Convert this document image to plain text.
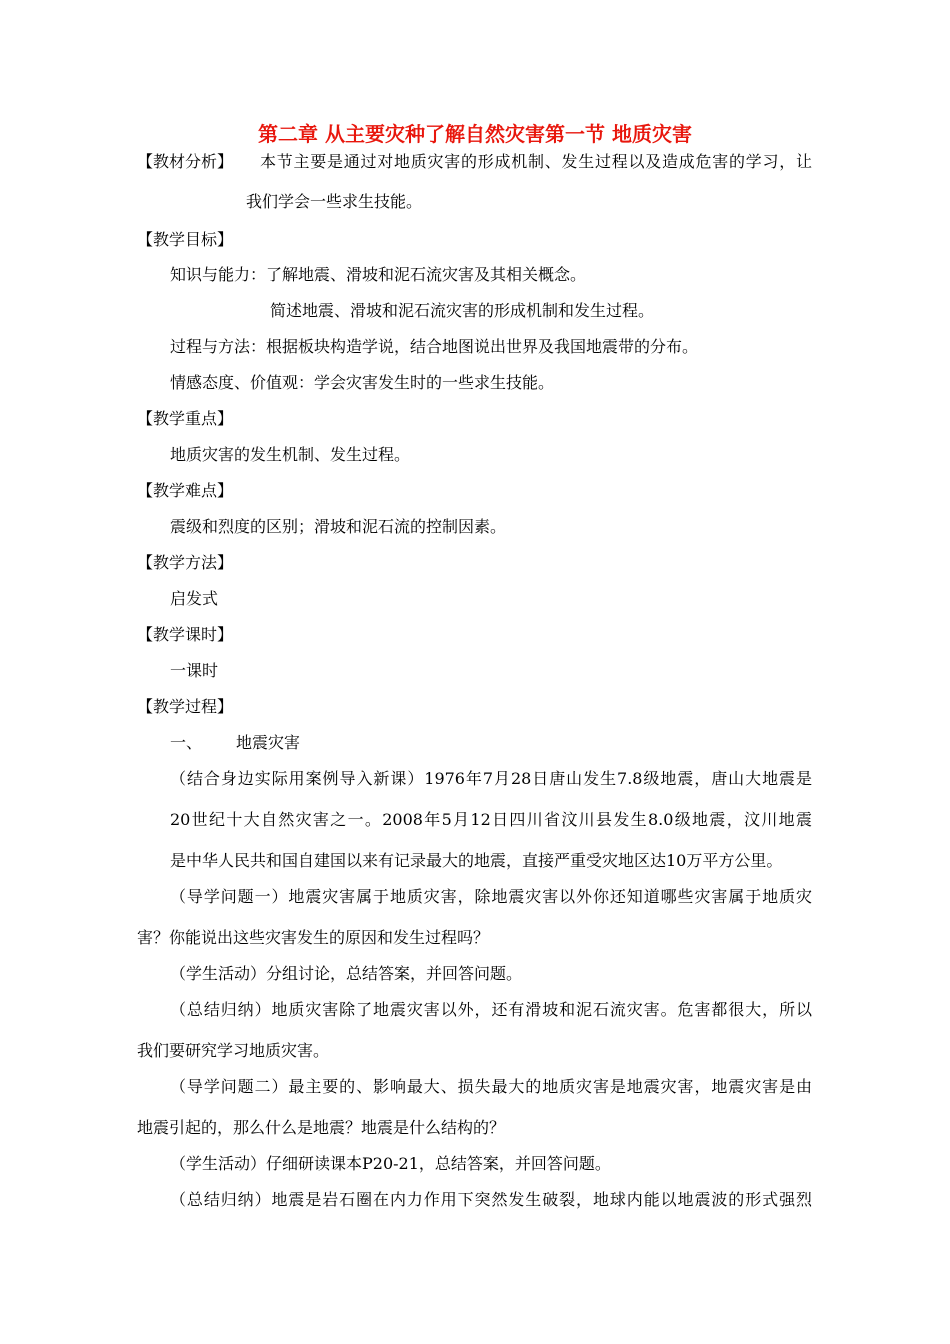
第二章 从主要灾种了解自然灾害第一节 地质灾害
【教材分析】 本节主要是通过对地质灾害的形成机制、发生过程以及造成危害的学习，让
我们学会一些求生技能。
【教学目标】
知识与能力：了解地震、滑坡和泥石流灾害及其相关概念。
简述地震、滑坡和泥石流灾害的形成机制和发生过程。
过程与方法：根据板块构造学说，结合地图说出世界及我国地震带的分布。
情感态度、价值观：学会灾害发生时的一些求生技能。
【教学重点】
地质灾害的发生机制、发生过程。
【教学难点】
震级和烈度的区别；滑坡和泥石流的控制因素。
【教学方法】
启发式
【教学课时】
一课时
【教学过程】
一、 地震灾害
（结合身边实际用案例导入新课）1976年7月28日唐山发生7.8级地震，唐山大地震是
20世纪十大自然灾害之一。2008年5月12日四川省汶川县发生8.0级地震，汶川地震
是中华人民共和国自建国以来有记录最大的地震，直接严重受灾地区达10万平方公里。
（导学问题一）地震灾害属于地质灾害，除地震灾害以外你还知道哪些灾害属于地质灾
害？你能说出这些灾害发生的原因和发生过程吗？
（学生活动）分组讨论，总结答案，并回答问题。
（总结归纳）地质灾害除了地震灾害以外，还有滑坡和泥石流灾害。危害都很大，所以
我们要研究学习地质灾害。
（导学问题二）最主要的、影响最大、损失最大的地质灾害是地震灾害，地震灾害是由
地震引起的，那么什么是地震？地震是什么结构的？
（学生活动）仔细研读课本P20-21，总结答案，并回答问题。
（总结归纳）地震是岩石圈在内力作用下突然发生破裂，地球内能以地震波的形式强烈
